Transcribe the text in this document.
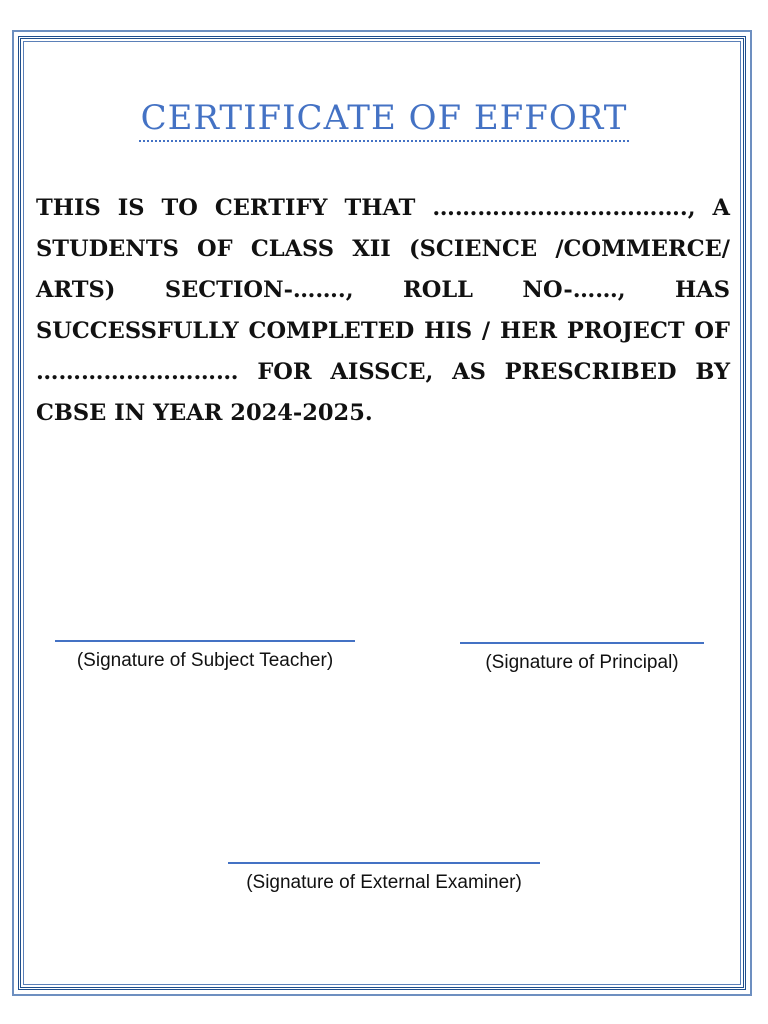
CERTIFICATE OF EFFORT

THIS IS TO CERTIFY THAT ……………………………., A STUDENTS OF CLASS XII (SCIENCE /COMMERCE/ ARTS) SECTION-……., ROLL NO-……, HAS SUCCESSFULLY COMPLETED HIS / HER PROJECT OF ……………………… FOR AISSCE, AS PRESCRIBED BY CBSE IN YEAR 2024-2025.

(Signature of Subject Teacher)	(Signature of Principal)
(Signature of External Examiner)
